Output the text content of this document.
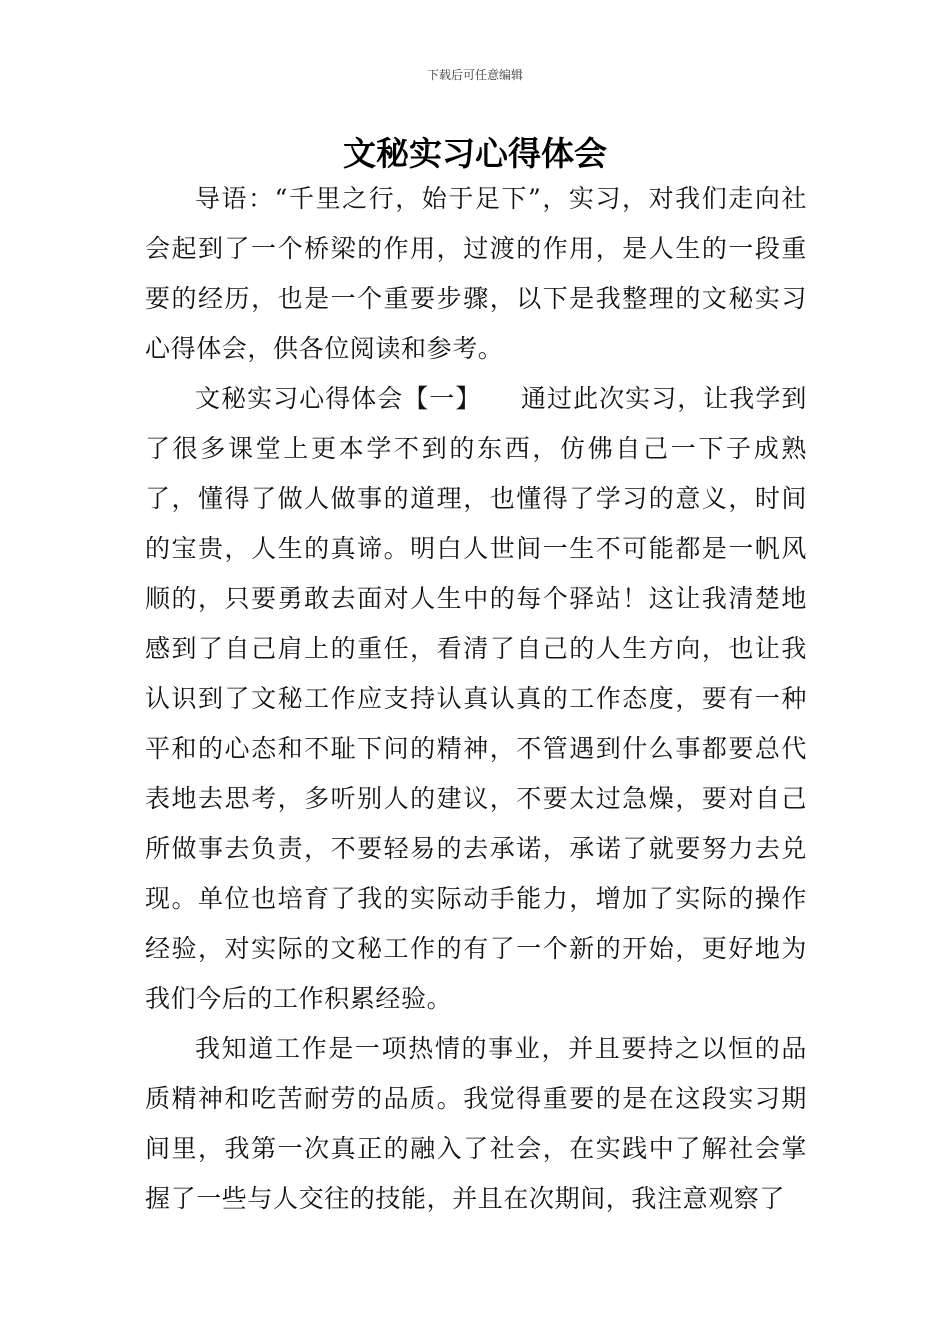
下载后可任意编辑
文秘实习心得体会

导语：“千里之行，始于足下”，实习，对我们走向社会起到了一个桥梁的作用，过渡的作用，是人生的一段重要的经历，也是一个重要步骤，以下是我整理的文秘实习心得体会，供各位阅读和参考。

文秘实习心得体会【一】　　 通过此次实习，让我学到了很多课堂上更本学不到的东西，仿佛自己一下子成熟了，懂得了做人做事的道理，也懂得了学习的意义，时间的宝贵，人生的真谛。明白人世间一生不可能都是一帆风顺的，只要勇敢去面对人生中的每个驿站！这让我清楚地感到了自己肩上的重任，看清了自己的人生方向，也让我认识到了文秘工作应支持认真认真的工作态度，要有一种平和的心态和不耻下问的精神，不管遇到什么事都要总代表地去思考，多听别人的建议，不要太过急燥，要对自己所做事去负责，不要轻易的去承诺，承诺了就要努力去兑现。单位也培育了我的实际动手能力，增加了实际的操作经验，对实际的文秘工作的有了一个新的开始，更好地为我们今后的工作积累经验。

我知道工作是一项热情的事业，并且要持之以恒的品质精神和吃苦耐劳的品质。我觉得重要的是在这段实习期间里，我第一次真正的融入了社会，在实践中了解社会掌握了一些与人交往的技能，并且在次期间，我注意观察了
